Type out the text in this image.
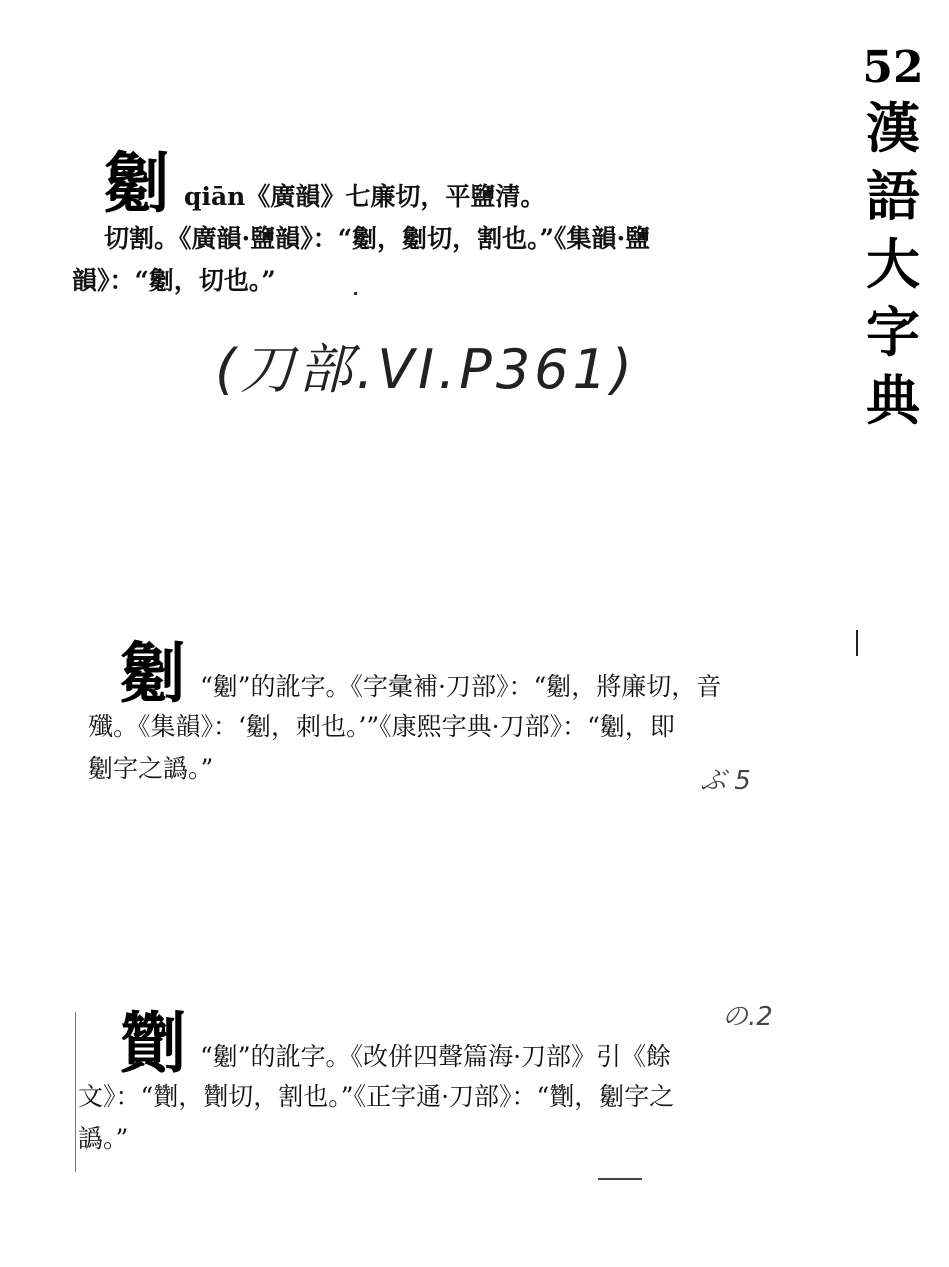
52
漢
語
大
字
典
劖 qiān《廣韻》七廉切，平鹽清。
切割。《廣韻·鹽韻》：“劖，劖切，割也。”《集韻·鹽
韻》：“劖，切也。”
(刀部.VI.P361)
劖 “劖”的訛字。《字彙補·刀部》：“劖，將廉切，音
殲。《集韻》：‘劖，刺也。’”《康熙字典·刀部》：“劖，即
劖字之譌。”	ぶ 5
劗 “劖”的訛字。《改併四聲篇海·刀部》引《餘
文》：“劗，劗切，割也。”《正字通·刀部》：“劗，劖字之
譌。”
の.2
